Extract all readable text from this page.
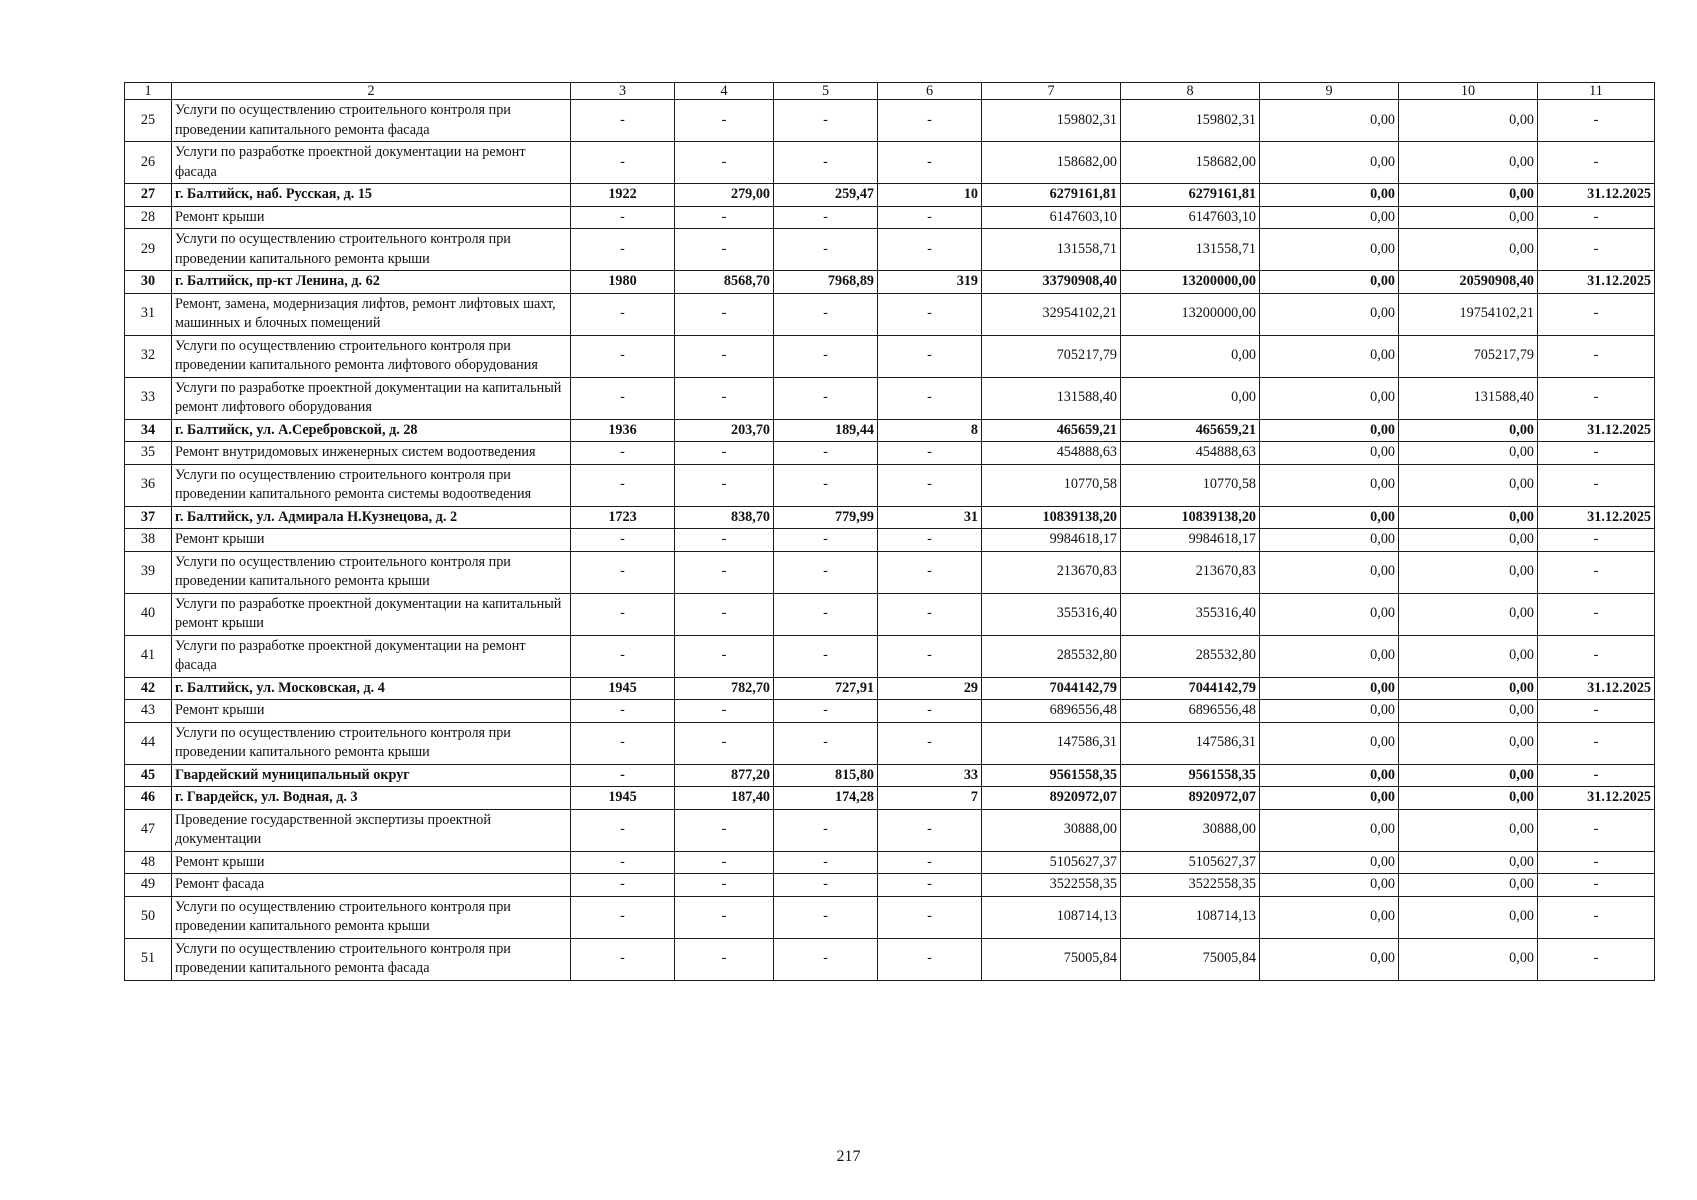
1	2	3	4	5	6	7	8	9	10	11
25	Услуги по осуществлению строительного контроля при проведении капитального ремонта фасада	-	-	-	-	159802,31	159802,31	0,00	0,00	-
26	Услуги по разработке проектной документации на ремонт фасада	-	-	-	-	158682,00	158682,00	0,00	0,00	-
27	г. Балтийск, наб. Русская, д. 15	1922	279,00	259,47	10	6279161,81	6279161,81	0,00	0,00	31.12.2025
28	Ремонт крыши	-	-	-	-	6147603,10	6147603,10	0,00	0,00	-
29	Услуги по осуществлению строительного контроля при проведении капитального ремонта крыши	-	-	-	-	131558,71	131558,71	0,00	0,00	-
30	г. Балтийск, пр-кт Ленина, д. 62	1980	8568,70	7968,89	319	33790908,40	13200000,00	0,00	20590908,40	31.12.2025
31	Ремонт, замена, модернизация лифтов, ремонт лифтовых шахт, машинных и блочных помещений	-	-	-	-	32954102,21	13200000,00	0,00	19754102,21	-
32	Услуги по осуществлению строительного контроля при проведении капитального ремонта лифтового оборудования	-	-	-	-	705217,79	0,00	0,00	705217,79	-
33	Услуги по разработке проектной документации на капитальный ремонт лифтового оборудования	-	-	-	-	131588,40	0,00	0,00	131588,40	-
34	г. Балтийск, ул. А.Серебровской, д. 28	1936	203,70	189,44	8	465659,21	465659,21	0,00	0,00	31.12.2025
35	Ремонт внутридомовых инженерных систем водоотведения	-	-	-	-	454888,63	454888,63	0,00	0,00	-
36	Услуги по осуществлению строительного контроля при проведении капитального ремонта системы водоотведения	-	-	-	-	10770,58	10770,58	0,00	0,00	-
37	г. Балтийск, ул. Адмирала Н.Кузнецова, д. 2	1723	838,70	779,99	31	10839138,20	10839138,20	0,00	0,00	31.12.2025
38	Ремонт крыши	-	-	-	-	9984618,17	9984618,17	0,00	0,00	-
39	Услуги по осуществлению строительного контроля при проведении капитального ремонта крыши	-	-	-	-	213670,83	213670,83	0,00	0,00	-
40	Услуги по разработке проектной документации на капитальный ремонт крыши	-	-	-	-	355316,40	355316,40	0,00	0,00	-
41	Услуги по разработке проектной документации на ремонт фасада	-	-	-	-	285532,80	285532,80	0,00	0,00	-
42	г. Балтийск, ул. Московская, д. 4	1945	782,70	727,91	29	7044142,79	7044142,79	0,00	0,00	31.12.2025
43	Ремонт крыши	-	-	-	-	6896556,48	6896556,48	0,00	0,00	-
44	Услуги по осуществлению строительного контроля при проведении капитального ремонта крыши	-	-	-	-	147586,31	147586,31	0,00	0,00	-
45	Гвардейский муниципальный округ	-	877,20	815,80	33	9561558,35	9561558,35	0,00	0,00	-
46	г. Гвардейск, ул. Водная, д. 3	1945	187,40	174,28	7	8920972,07	8920972,07	0,00	0,00	31.12.2025
47	Проведение государственной экспертизы проектной документации	-	-	-	-	30888,00	30888,00	0,00	0,00	-
48	Ремонт крыши	-	-	-	-	5105627,37	5105627,37	0,00	0,00	-
49	Ремонт фасада	-	-	-	-	3522558,35	3522558,35	0,00	0,00	-
50	Услуги по осуществлению строительного контроля при проведении капитального ремонта крыши	-	-	-	-	108714,13	108714,13	0,00	0,00	-
51	Услуги по осуществлению строительного контроля при проведении капитального ремонта фасада	-	-	-	-	75005,84	75005,84	0,00	0,00	-
217
